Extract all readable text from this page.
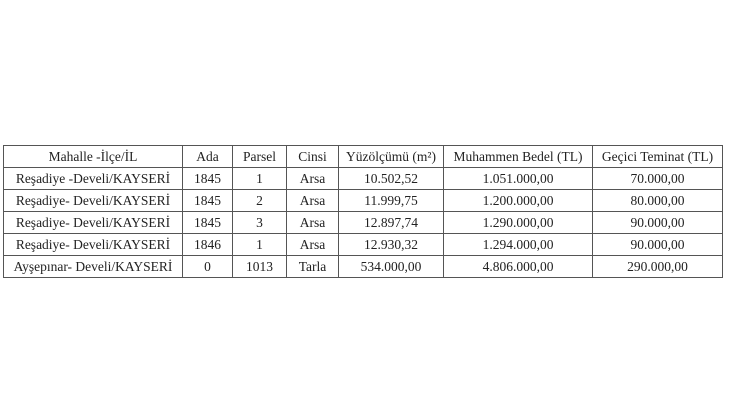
Mahalle -İlçe/İL	Ada	Parsel	Cinsi	Yüzölçümü (m²)	Muhammen Bedel (TL)	Geçici Teminat (TL)
Reşadiye -Develi/KAYSERİ	1845	1	Arsa	10.502,52	1.051.000,00	70.000,00
Reşadiye- Develi/KAYSERİ	1845	2	Arsa	11.999,75	1.200.000,00	80.000,00
Reşadiye- Develi/KAYSERİ	1845	3	Arsa	12.897,74	1.290.000,00	90.000,00
Reşadiye- Develi/KAYSERİ	1846	1	Arsa	12.930,32	1.294.000,00	90.000,00
Ayşepınar- Develi/KAYSERİ	0	1013	Tarla	534.000,00	4.806.000,00	290.000,00
